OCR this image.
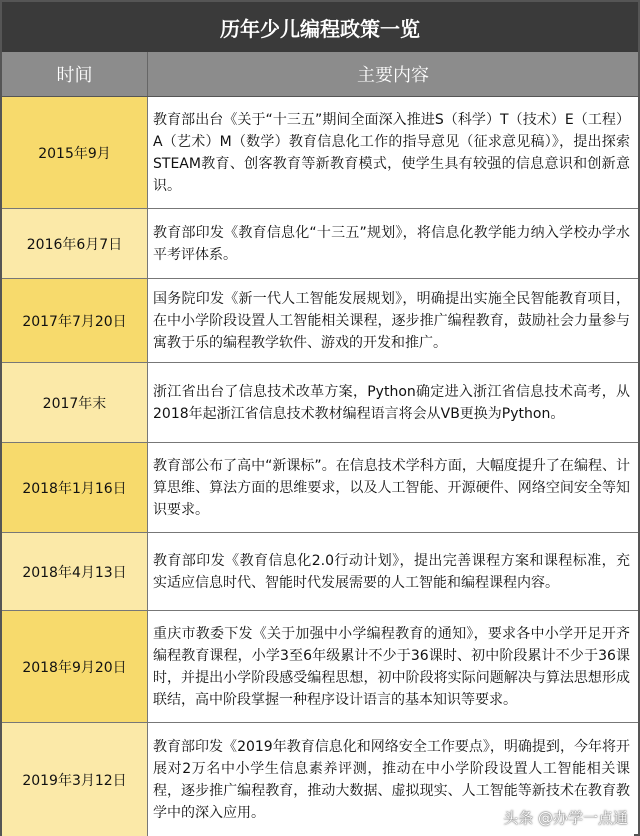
历年少儿编程政策一览
时间	主要内容
2015年9月
教育部出台《关于“十三五”期间全面深入推进S（科学）T（技术）E（工程）A（艺术）M（数学）教育信息化工作的指导意见（征求意见稿）》，提出探索STEAM教育、创客教育等新教育模式，使学生具有较强的信息意识和创新意识。
2016年6月7日
教育部印发《教育信息化“十三五”规划》，将信息化教学能力纳入学校办学水平考评体系。
2017年7月20日
国务院印发《新一代人工智能发展规划》，明确提出实施全民智能教育项目，在中小学阶段设置人工智能相关课程，逐步推广编程教育，鼓励社会力量参与寓教于乐的编程教学软件、游戏的开发和推广。
2017年末
浙江省出台了信息技术改革方案，Python确定进入浙江省信息技术高考，从2018年起浙江省信息技术教材编程语言将会从VB更换为Python。
2018年1月16日
教育部公布了高中“新课标”。在信息技术学科方面，大幅度提升了在编程、计算思维、算法方面的思维要求，以及人工智能、开源硬件、网络空间安全等知识要求。
2018年4月13日
教育部印发《教育信息化2.0行动计划》，提出完善课程方案和课程标准，充实适应信息时代、智能时代发展需要的人工智能和编程课程内容。
2018年9月20日
重庆市教委下发《关于加强中小学编程教育的通知》，要求各中小学开足开齐编程教育课程，小学3至6年级累计不少于36课时、初中阶段累计不少于36课时，并提出小学阶段感受编程思想，初中阶段将实际问题解决与算法思想形成联结，高中阶段掌握一种程序设计语言的基本知识等要求。
2019年3月12日
教育部印发《2019年教育信息化和网络安全工作要点》，明确提到，今年将开展对2万名中小学生信息素养评测，推动在中小学阶段设置人工智能相关课程，逐步推广编程教育，推动大数据、虚拟现实、人工智能等新技术在教育教学中的深入应用。	头条 @办学一点通
